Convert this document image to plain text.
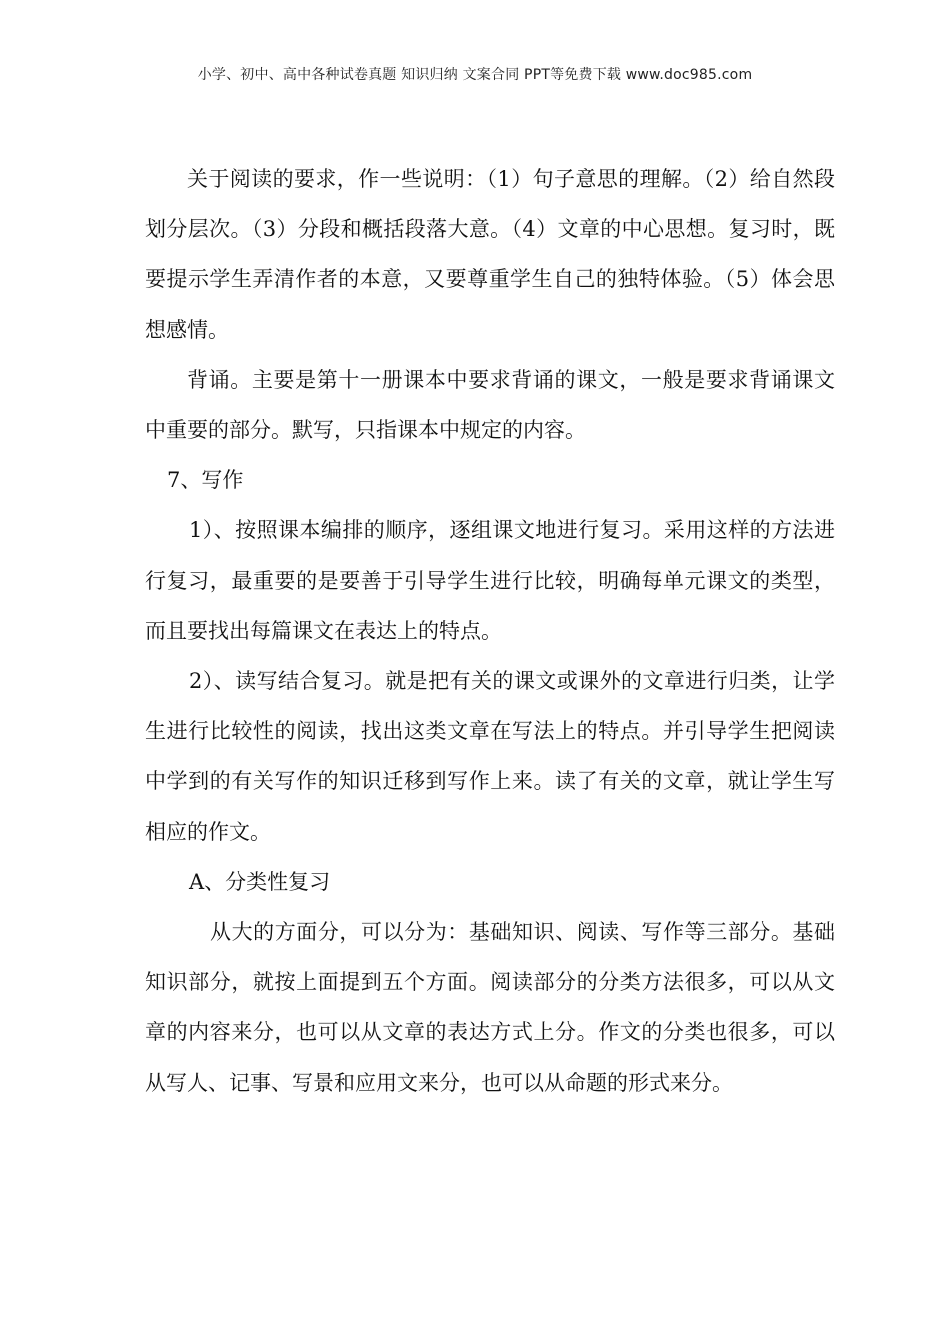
小学、初中、高中各种试卷真题 知识归纳 文案合同 PPT等免费下载 www.doc985.com

关于阅读的要求，作一些说明：（1）句子意思的理解。（2）给自然段划分层次。（3）分段和概括段落大意。（4）文章的中心思想。复习时，既要提示学生弄清作者的本意，又要尊重学生自己的独特体验。（5）体会思想感情。

背诵。主要是第十一册课本中要求背诵的课文，一般是要求背诵课文中重要的部分。默写，只指课本中规定的内容。

7、写作

1）、按照课本编排的顺序，逐组课文地进行复习。采用这样的方法进行复习，最重要的是要善于引导学生进行比较，明确每单元课文的类型，而且要找出每篇课文在表达上的特点。

2）、读写结合复习。就是把有关的课文或课外的文章进行归类，让学生进行比较性的阅读，找出这类文章在写法上的特点。并引导学生把阅读中学到的有关写作的知识迁移到写作上来。读了有关的文章，就让学生写相应的作文。

A、分类性复习

从大的方面分，可以分为：基础知识、阅读、写作等三部分。基础知识部分，就按上面提到五个方面。阅读部分的分类方法很多，可以从文章的内容来分，也可以从文章的表达方式上分。作文的分类也很多，可以从写人、记事、写景和应用文来分，也可以从命题的形式来分。
